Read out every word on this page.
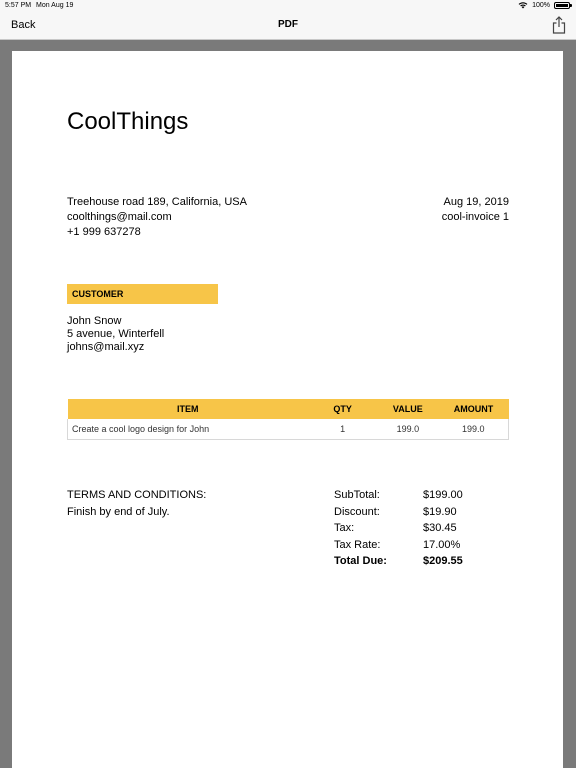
5:57 PM Mon Aug 19	100%
Back	PDF
CoolThings
Treehouse road 189, California, USA
coolthings@mail.com
+1 999 637278
Aug 19, 2019
cool-invoice 1
CUSTOMER
John Snow
5 avenue, Winterfell
johns@mail.xyz
ITEM	QTY	VALUE	AMOUNT
Create a cool logo design for John	1	199.0	199.0
TERMS AND CONDITIONS:
Finish by end of July.
SubTotal:	$199.00
Discount:	$19.90
Tax:	$30.45
Tax Rate:	17.00%
Total Due:	$209.55
